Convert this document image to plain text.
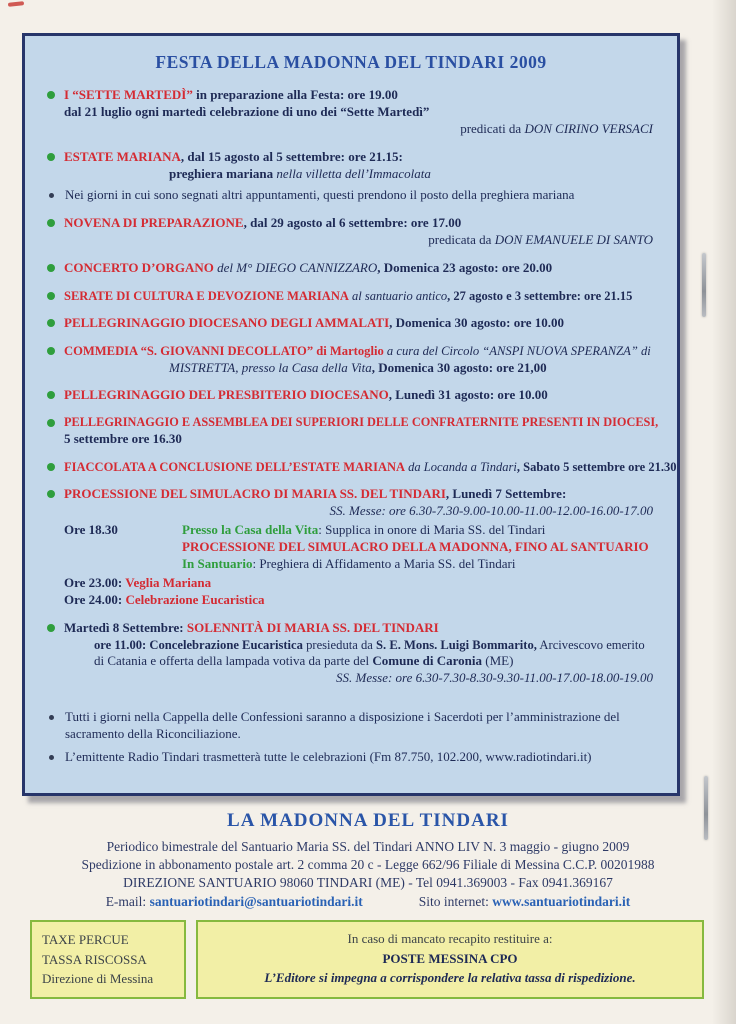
FESTA DELLA MADONNA DEL TINDARI 2009
I “SETTE MARTEDÌ” in preparazione alla Festa: ore 19.00
dal 21 luglio ogni martedì celebrazione di uno dei “Sette Martedì”
predicati da DON CIRINO VERSACI
ESTATE MARIANA, dal 15 agosto al 5 settembre: ore 21.15:
preghiera mariana nella villetta dell’Immacolata
Nei giorni in cui sono segnati altri appuntamenti, questi prendono il posto della preghiera mariana
NOVENA DI PREPARAZIONE, dal 29 agosto al 6 settembre: ore 17.00
predicata da DON EMANUELE DI SANTO
CONCERTO D’ORGANO del M° DIEGO CANNIZZARO, Domenica 23 agosto: ore 20.00
SERATE DI CULTURA E DEVOZIONE MARIANA al santuario antico, 27 agosto e 3 settembre: ore 21.15
PELLEGRINAGGIO DIOCESANO DEGLI AMMALATI, Domenica 30 agosto: ore 10.00
COMMEDIA “S. GIOVANNI DECOLLATO” di Martoglio a cura del Circolo “ANSPI NUOVA SPERANZA” di
MISTRETTA, presso la Casa della Vita, Domenica 30 agosto: ore 21,00
PELLEGRINAGGIO DEL PRESBITERIO DIOCESANO, Lunedì 31 agosto: ore 10.00
PELLEGRINAGGIO E ASSEMBLEA DEI SUPERIORI DELLE CONFRATERNITE PRESENTI IN DIOCESI,
5 settembre ore 16.30
FIACCOLATA A CONCLUSIONE DELL’ESTATE MARIANA da Locanda a Tindari, Sabato 5 settembre ore 21.30
PROCESSIONE DEL SIMULACRO DI MARIA SS. DEL TINDARI, Lunedì 7 Settembre:
SS. Messe: ore 6.30-7.30-9.00-10.00-11.00-12.00-16.00-17.00
Ore 18.30	Presso la Casa della Vita: Supplica in onore di Maria SS. del Tindari
PROCESSIONE DEL SIMULACRO DELLA MADONNA, FINO AL SANTUARIO
In Santuario: Preghiera di Affidamento a Maria SS. del Tindari
Ore 23.00: Veglia Mariana
Ore 24.00: Celebrazione Eucaristica
Martedì 8 Settembre: SOLENNITÀ DI MARIA SS. DEL TINDARI
ore 11.00: Concelebrazione Eucaristica presieduta da S. E. Mons. Luigi Bommarito, Arcivescovo emerito
di Catania e offerta della lampada votiva da parte del Comune di Caronia (ME)
SS. Messe: ore 6.30-7.30-8.30-9.30-11.00-17.00-18.00-19.00
Tutti i giorni nella Cappella delle Confessioni saranno a disposizione i Sacerdoti per l’amministrazione del sacramento della Riconciliazione.
L’emittente Radio Tindari trasmetterà tutte le celebrazioni (Fm 87.750, 102.200, www.radiotindari.it)
LA MADONNA DEL TINDARI
Periodico bimestrale del Santuario Maria SS. del Tindari ANNO LIV N. 3 maggio - giugno 2009
Spedizione in abbonamento postale art. 2 comma 20 c - Legge 662/96 Filiale di Messina C.C.P. 00201988
DIREZIONE SANTUARIO 98060 TINDARI (ME) - Tel 0941.369003 - Fax 0941.369167
E-mail: santuariotindari@santuariotindari.it	Sito internet: www.santuariotindari.it
TAXE PERCUE
TASSA RISCOSSA
Direzione di Messina
In caso di mancato recapito restituire a:
POSTE MESSINA CPO
L’Editore si impegna a corrispondere la relativa tassa di rispedizione.
